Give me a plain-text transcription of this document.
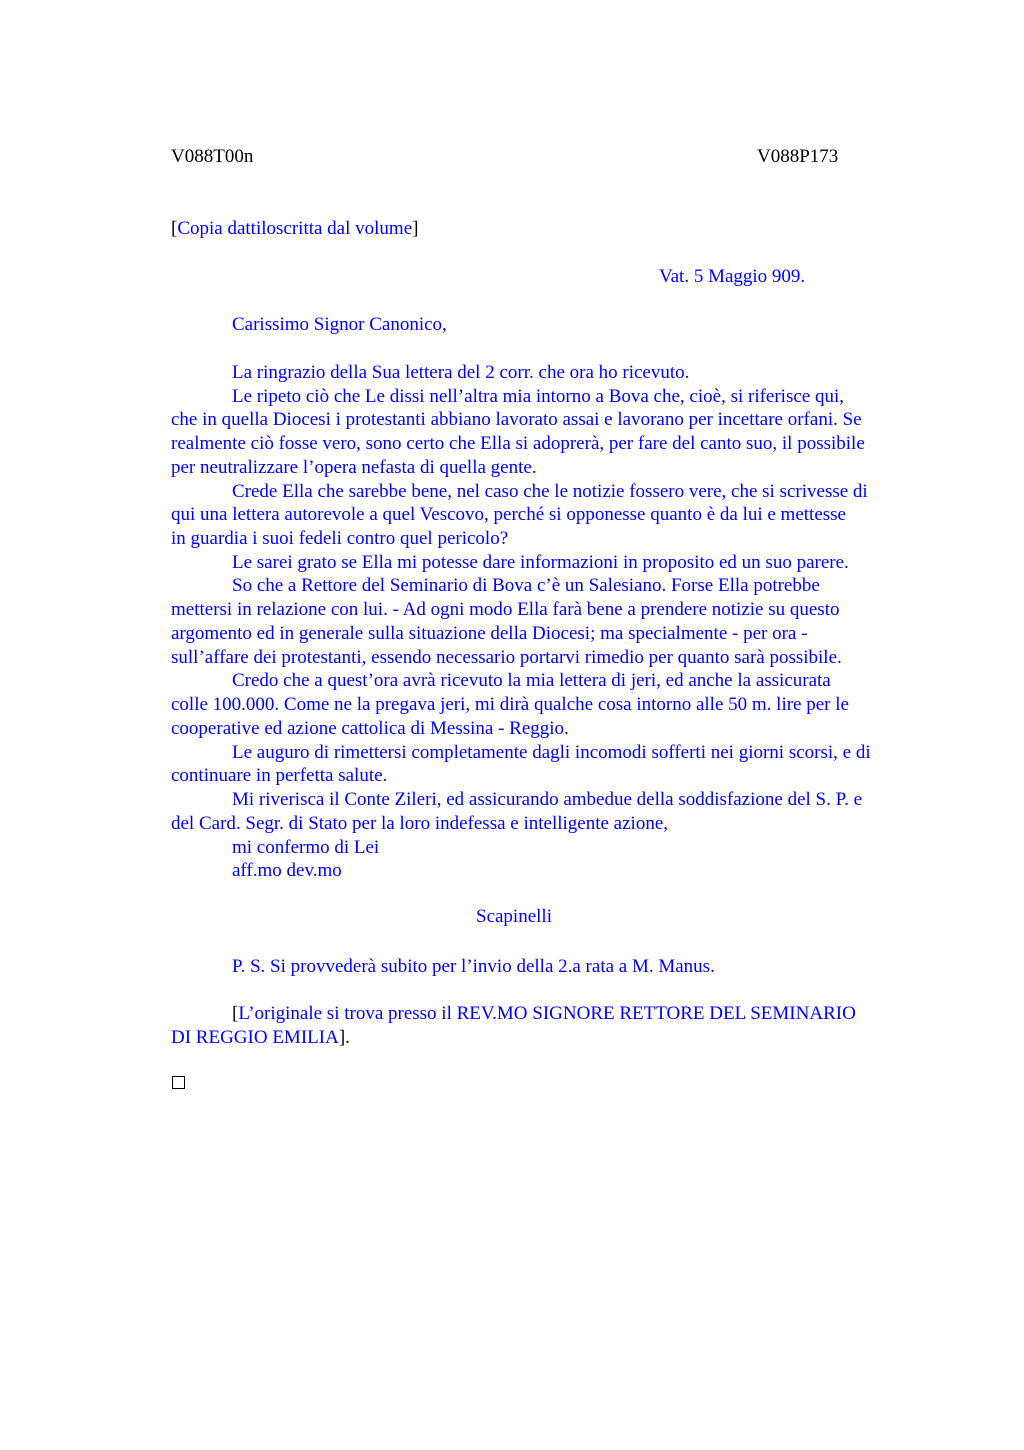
V088T00n	V088P173
[Copia dattiloscritta dal volume]
Vat. 5 Maggio 909.
Carissimo Signor Canonico,
La ringrazio della Sua lettera del 2 corr. che ora ho ricevuto.
Le ripeto ciò che Le dissi nell’altra mia intorno a Bova che, cioè, si riferisce qui,
che in quella Diocesi i protestanti abbiano lavorato assai e lavorano per incettare orfani. Se
realmente ciò fosse vero, sono certo che Ella si adoprerà, per fare del canto suo, il possibile
per neutralizzare l’opera nefasta di quella gente.
Crede Ella che sarebbe bene, nel caso che le notizie fossero vere, che si scrivesse di
qui una lettera autorevole a quel Vescovo, perché si opponesse quanto è da lui e mettesse
in guardia i suoi fedeli contro quel pericolo?
Le sarei grato se Ella mi potesse dare informazioni in proposito ed un suo parere.
So che a Rettore del Seminario di Bova c’è un Salesiano. Forse Ella potrebbe
mettersi in relazione con lui. - Ad ogni modo Ella farà bene a prendere notizie su questo
argomento ed in generale sulla situazione della Diocesi; ma specialmente - per ora -
sull’affare dei protestanti, essendo necessario portarvi rimedio per quanto sarà possibile.
Credo che a quest’ora avrà ricevuto la mia lettera di jeri, ed anche la assicurata
colle 100.000. Come ne la pregava jeri, mi dirà qualche cosa intorno alle 50 m. lire per le
cooperative ed azione cattolica di Messina - Reggio.
Le auguro di rimettersi completamente dagli incomodi sofferti nei giorni scorsi, e di
continuare in perfetta salute.
Mi riverisca il Conte Zileri, ed assicurando ambedue della soddisfazione del S. P. e
del Card. Segr. di Stato per la loro indefessa e intelligente azione,
mi confermo di Lei
aff.mo dev.mo
Scapinelli
P. S. Si provvederà subito per l’invio della 2.a rata a M. Manus.
[L’originale si trova presso il REV.MO SIGNORE RETTORE DEL SEMINARIO
DI REGGIO EMILIA].
